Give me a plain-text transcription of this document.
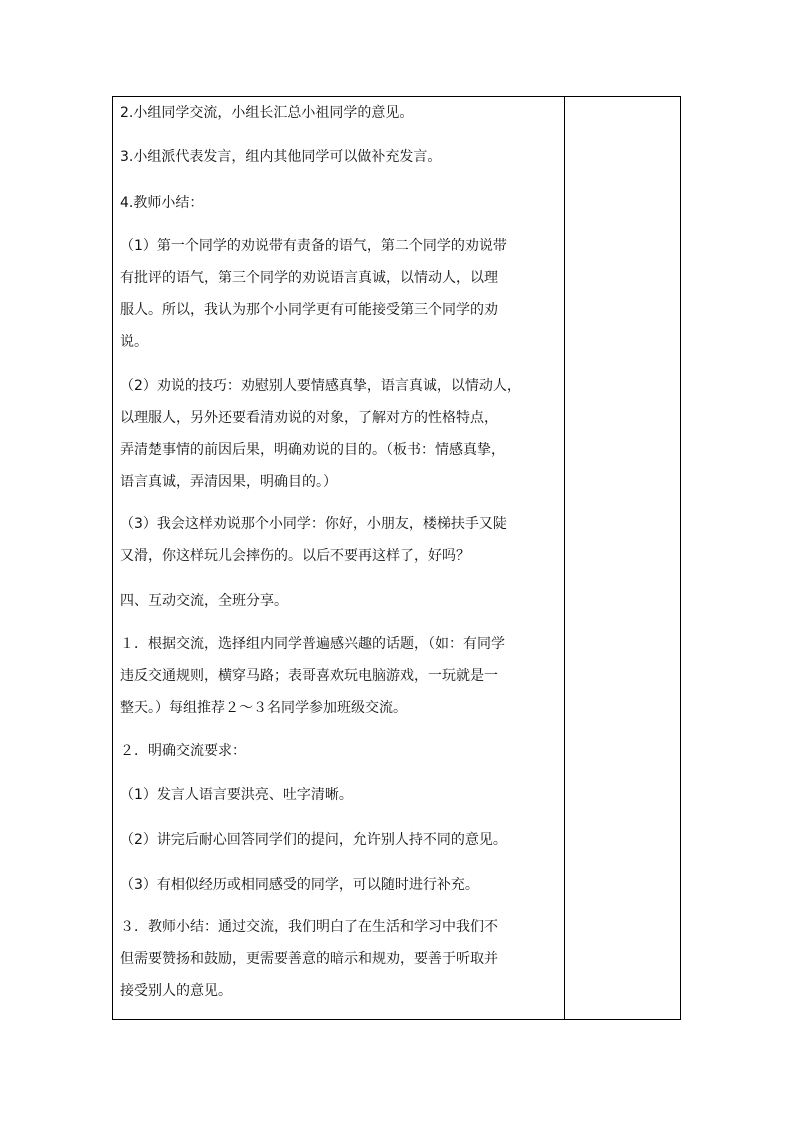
2.小组同学交流，小组长汇总小祖同学的意见。

3.小组派代表发言，组内其他同学可以做补充发言。

4.教师小结：

（1）第一个同学的劝说带有责备的语气，第二个同学的劝说带

有批评的语气，第三个同学的劝说语言真诚，以情动人，以理

服人。所以，我认为那个小同学更有可能接受第三个同学的劝

说。

（2）劝说的技巧：劝慰别人要情感真挚，语言真诚，以情动人，

以理服人，另外还要看清劝说的对象，了解对方的性格特点，

弄清楚事情的前因后果，明确劝说的目的。（板书：情感真挚，

语言真诚，弄清因果，明确目的。）

（3）我会这样劝说那个小同学：你好，小朋友，楼梯扶手又陡

又滑，你这样玩儿会摔伤的。以后不要再这样了，好吗？

四、互动交流，全班分享。

１．根据交流，选择组内同学普遍感兴趣的话题，（如：有同学

违反交通规则，横穿马路；表哥喜欢玩电脑游戏，一玩就是一

整天。）每组推荐２～３名同学参加班级交流。

２．明确交流要求：

（1）发言人语言要洪亮、吐字清晰。

（2）讲完后耐心回答同学们的提问，允许别人持不同的意见。

（3）有相似经历或相同感受的同学，可以随时进行补充。

３．教师小结：通过交流，我们明白了在生活和学习中我们不

但需要赞扬和鼓励，更需要善意的暗示和规劝，要善于听取并

接受别人的意见。
